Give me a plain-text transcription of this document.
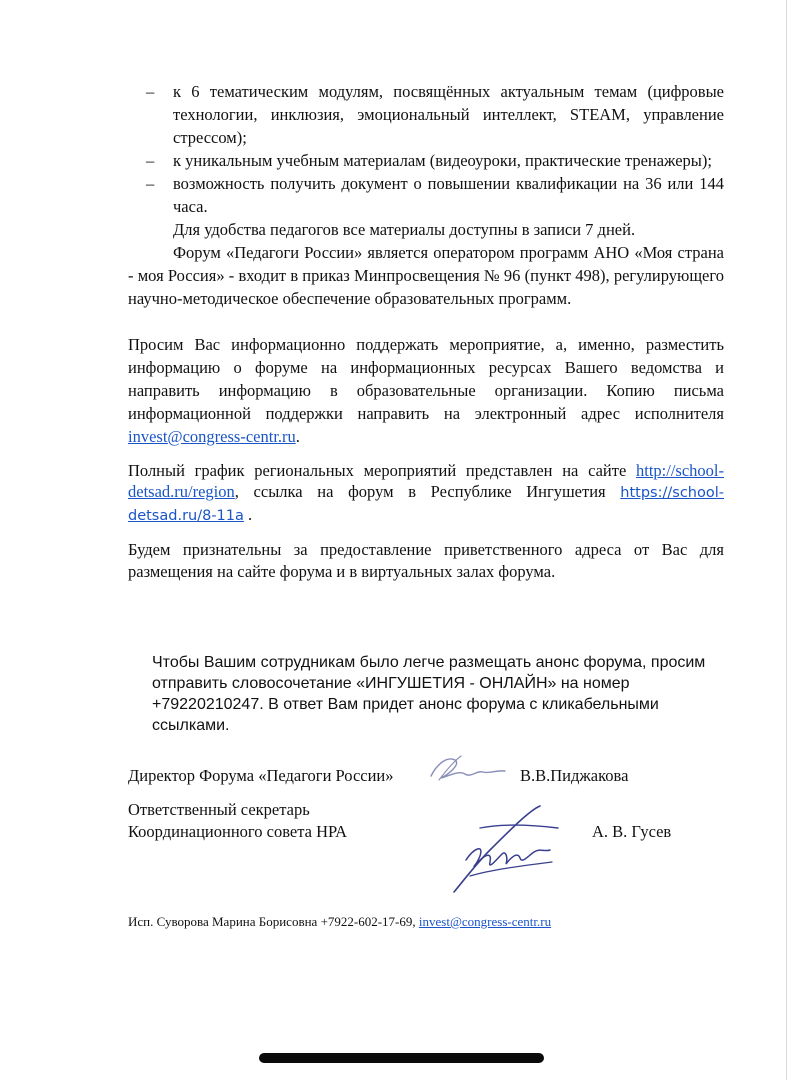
– к 6 тематическим модулям, посвящённых актуальным темам (цифровые технологии, инклюзия, эмоциональный интеллект, STEAM, управление стрессом);
– к уникальным учебным материалам (видеоуроки, практические тренажеры);
– возможность получить документ о повышении квалификации на 36 или 144 часа.
Для удобства педагогов все материалы доступны в записи 7 дней.
Форум «Педагоги России» является оператором программ АНО «Моя страна - моя Россия» - входит в приказ Минпросвещения № 96 (пункт 498), регулирующего научно-методическое обеспечение образовательных программ.
Просим Вас информационно поддержать мероприятие, а, именно, разместить информацию о форуме на информационных ресурсах Вашего ведомства и направить информацию в образовательные организации. Копию письма информационной поддержки направить на электронный адрес исполнителя invest@congress-centr.ru.
Полный график региональных мероприятий представлен на сайте http://school-detsad.ru/region, ссылка на форум в Республике Ингушетия https://school-detsad.ru/8-11a .
Будем признательны за предоставление приветственного адреса от Вас для размещения на сайте форума и в виртуальных залах форума.
Чтобы Вашим сотрудникам было легче размещать анонс форума, просим отправить словосочетание «ИНГУШЕТИЯ - ОНЛАЙН» на номер +79220210247. В ответ Вам придет анонс форума с кликабельными ссылками.
Директор Форума «Педагоги России»	В.В.Пиджакова
Ответственный секретарь
Координационного совета НРА	А. В. Гусев
Исп. Суворова Марина Борисовна +7922-602-17-69, invest@congress-centr.ru
